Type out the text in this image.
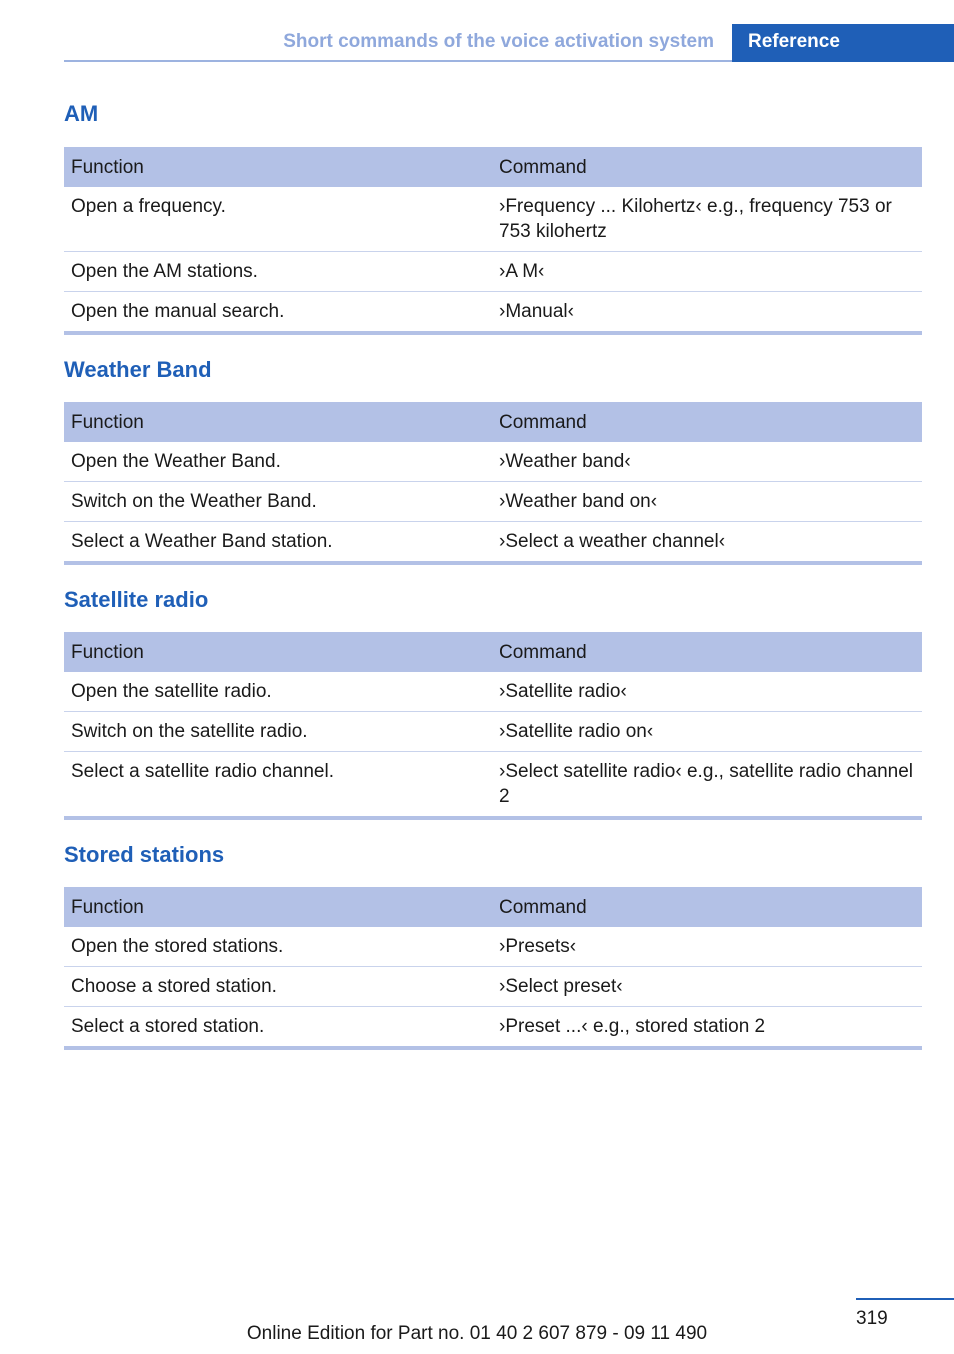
Short commands of the voice activation system	Reference
AM
Function	Command
Open a frequency.	›Frequency ... Kilohertz‹ e.g., frequency 753 or 753 kilohertz
Open the AM stations.	›A M‹
Open the manual search.	›Manual‹
Weather Band
Function	Command
Open the Weather Band.	›Weather band‹
Switch on the Weather Band.	›Weather band on‹
Select a Weather Band station.	›Select a weather channel‹
Satellite radio
Function	Command
Open the satellite radio.	›Satellite radio‹
Switch on the satellite radio.	›Satellite radio on‹
Select a satellite radio channel.	›Select satellite radio‹ e.g., satellite radio channel 2
Stored stations
Function	Command
Open the stored stations.	›Presets‹
Choose a stored station.	›Select preset‹
Select a stored station.	›Preset ...‹ e.g., stored station 2
319
Online Edition for Part no. 01 40 2 607 879 - 09 11 490
